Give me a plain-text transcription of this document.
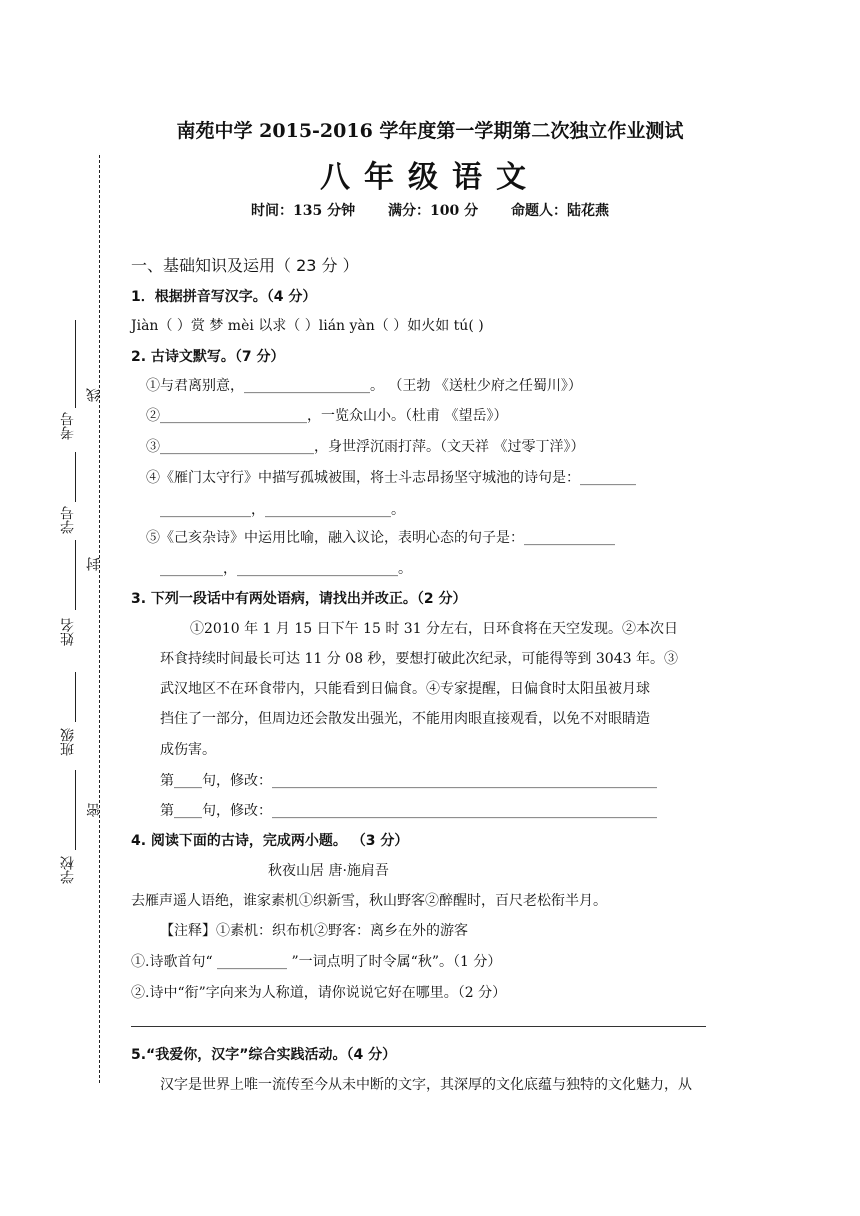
南苑中学 2015-2016 学年度第一学期第二次独立作业测试
八年级语文
时间：135 分钟 满分：100 分 命题人：陆花燕
考号
学号
姓名
班级
学校
线
封
密
一、基础知识及运用（ 23 分 ）
1．根据拼音写汉字。（4 分）
Jiàn（ ）赏 梦 mèi 以求（ ）lián yàn（ ）如火如 tú( )
2. 古诗文默写。（7 分）
①与君离别意，__________________。 （王勃 《送杜少府之任蜀川》）
②_____________________，一览众山小。（杜甫 《望岳》）
③______________________，身世浮沉雨打萍。（文天祥 《过零丁洋》）
④《雁门太守行》中描写孤城被围，将士斗志昂扬坚守城池的诗句是：________
_____________，__________________。
⑤《己亥杂诗》中运用比喻，融入议论，表明心态的句子是：_____________
_________，_______________________。
3. 下列一段话中有两处语病，请找出并改正。（2 分）
①2010 年 1 月 15 日下午 15 时 31 分左右，日环食将在天空发现。②本次日
环食持续时间最长可达 11 分 08 秒，要想打破此次纪录，可能得等到 3043 年。③
武汉地区不在环食带内，只能看到日偏食。④专家提醒，日偏食时太阳虽被月球
挡住了一部分，但周边还会散发出强光，不能用肉眼直接观看，以免不对眼睛造
成伤害。
第____句，修改：_______________________________________________________
第____句，修改：_______________________________________________________
4. 阅读下面的古诗，完成两小题。 （3 分）
秋夜山居 唐·施肩吾
去雁声遥人语绝，谁家素机①织新雪，秋山野客②醉醒时，百尺老松衔半月。
【注释】①素机：织布机②野客：离乡在外的游客
①.诗歌首句“ __________ ”一词点明了时令属“秋”。（1 分）
②.诗中“衔”字向来为人称道，请你说说它好在哪里。（2 分）
5.“我爱你，汉字”综合实践活动。（4 分）
汉字是世界上唯一流传至今从未中断的文字，其深厚的文化底蕴与独特的文化魅力，从
